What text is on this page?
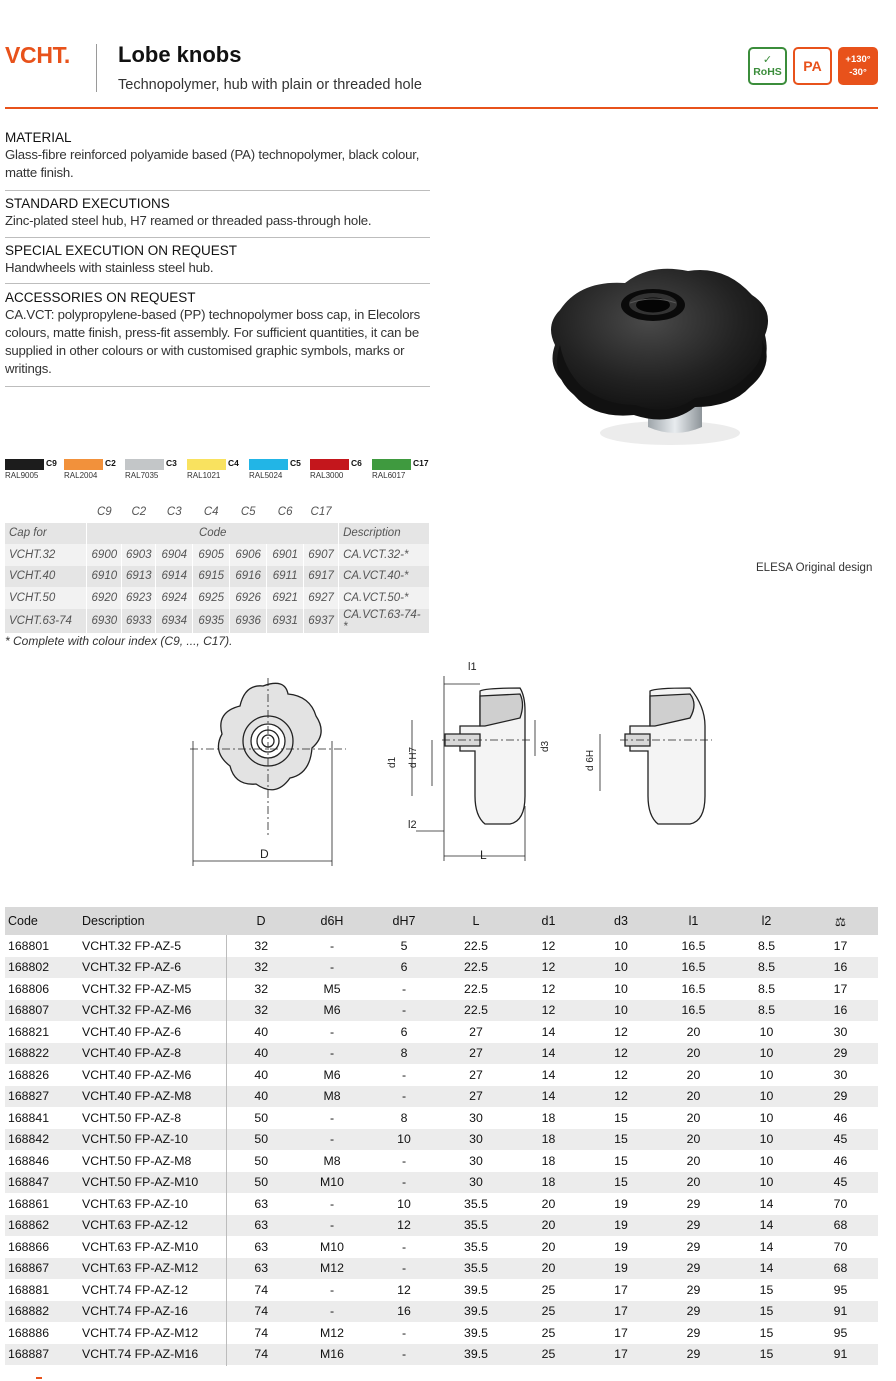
VCHT. Lobe knobs
Technopolymer, hub with plain or threaded hole
✓
RoHS	PA	+130°
-30°
MATERIAL

Glass-fibre reinforced polyamide based (PA) technopolymer, black colour, matte finish.

STANDARD EXECUTIONS

Zinc-plated steel hub, H7 reamed or threaded pass-through hole.

SPECIAL EXECUTION ON REQUEST

Handwheels with stainless steel hub.

ACCESSORIES ON REQUEST

CA.VCT: polypropylene-based (PP) technopolymer boss cap, in Elecolors colours, matte finish, press-fit assembly. For sufficient quantities, it can be supplied in other colours or with customised graphic symbols, marks or writings.

C9
RAL9005
C2
RAL2004
C3
RAL7035
C4
RAL1021
C5
RAL5024
C6
RAL3000
C17
RAL6017
	C9	C2	C3	C4	C5	C6	C17	
Cap for	Code							Description
VCHT.32	6900	6903	6904	6905	6906	6901	6907	CA.VCT.32-*
VCHT.40	6910	6913	6914	6915	6916	6911	6917	CA.VCT.40-*
VCHT.50	6920	6923	6924	6925	6926	6921	6927	CA.VCT.50-*
VCHT.63-74	6930	6933	6934	6935	6936	6931	6937	CA.VCT.63-74-*
* Complete with colour index (C9, ..., C17).
ELESA Original design
D
l1
L
l2
d1 d H7
d3
d 6H
Code	Description	D	d6H	dH7	L	d1	d3	l1	l2	⚖
168801	VCHT.32 FP-AZ-5	32	-	5	22.5	12	10	16.5	8.5	17
168802	VCHT.32 FP-AZ-6	32	-	6	22.5	12	10	16.5	8.5	16
168806	VCHT.32 FP-AZ-M5	32	M5	-	22.5	12	10	16.5	8.5	17
168807	VCHT.32 FP-AZ-M6	32	M6	-	22.5	12	10	16.5	8.5	16
168821	VCHT.40 FP-AZ-6	40	-	6	27	14	12	20	10	30
168822	VCHT.40 FP-AZ-8	40	-	8	27	14	12	20	10	29
168826	VCHT.40 FP-AZ-M6	40	M6	-	27	14	12	20	10	30
168827	VCHT.40 FP-AZ-M8	40	M8	-	27	14	12	20	10	29
168841	VCHT.50 FP-AZ-8	50	-	8	30	18	15	20	10	46
168842	VCHT.50 FP-AZ-10	50	-	10	30	18	15	20	10	45
168846	VCHT.50 FP-AZ-M8	50	M8	-	30	18	15	20	10	46
168847	VCHT.50 FP-AZ-M10	50	M10	-	30	18	15	20	10	45
168861	VCHT.63 FP-AZ-10	63	-	10	35.5	20	19	29	14	70
168862	VCHT.63 FP-AZ-12	63	-	12	35.5	20	19	29	14	68
168866	VCHT.63 FP-AZ-M10	63	M10	-	35.5	20	19	29	14	70
168867	VCHT.63 FP-AZ-M12	63	M12	-	35.5	20	19	29	14	68
168881	VCHT.74 FP-AZ-12	74	-	12	39.5	25	17	29	15	95
168882	VCHT.74 FP-AZ-16	74	-	16	39.5	25	17	29	15	91
168886	VCHT.74 FP-AZ-M12	74	M12	-	39.5	25	17	29	15	95
168887	VCHT.74 FP-AZ-M16	74	M16	-	39.5	25	17	29	15	91
